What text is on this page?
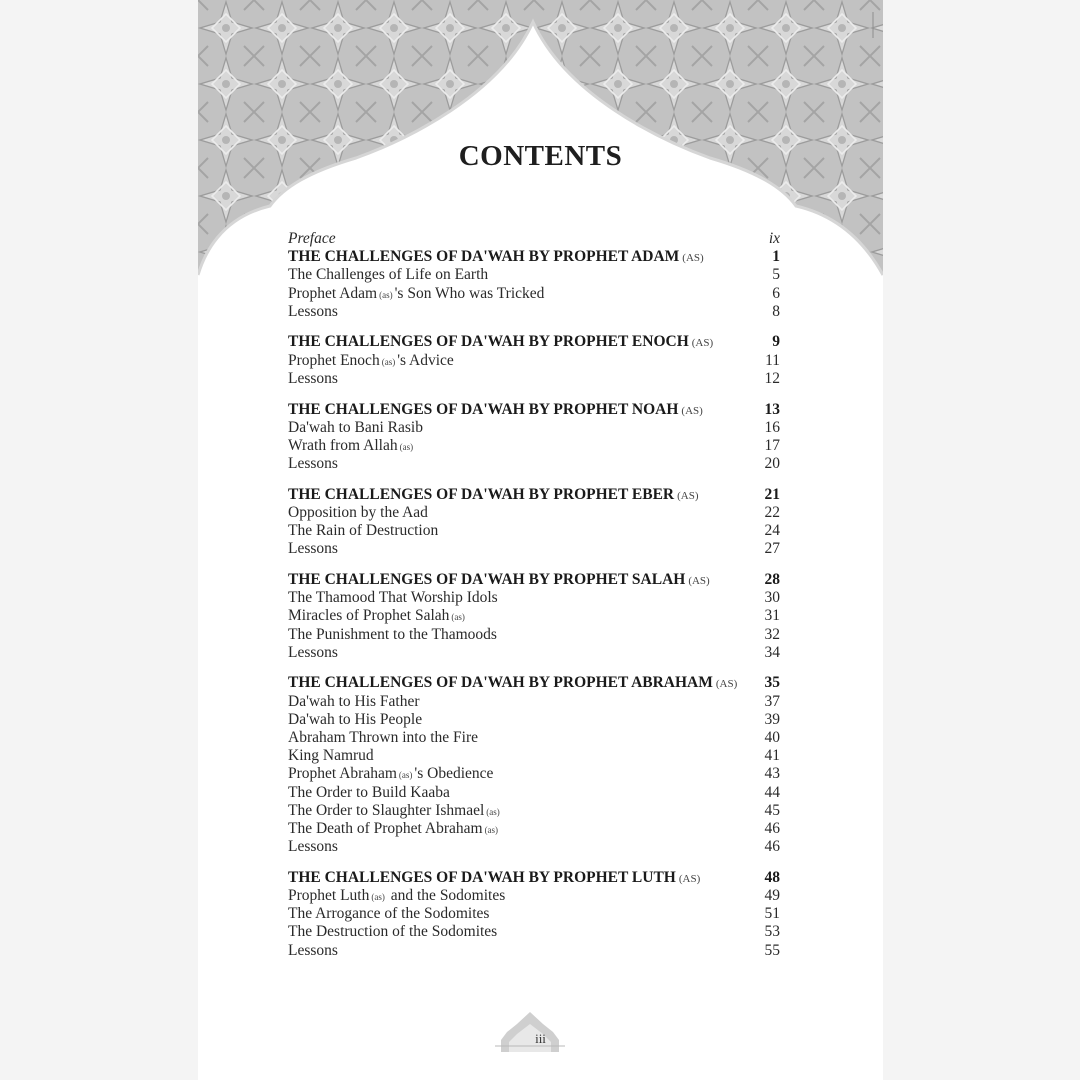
CONTENTS
Preface	ix
THE CHALLENGES OF DA'WAH BY PROPHET ADAM (AS)	1
The Challenges of Life on Earth	5
Prophet Adam (as) 's Son Who was Tricked	6
Lessons	8
THE CHALLENGES OF DA'WAH BY PROPHET ENOCH (AS)	9
Prophet Enoch (as) 's Advice	11
Lessons	12
THE CHALLENGES OF DA'WAH BY PROPHET NOAH (AS)	13
Da'wah to Bani Rasib	16
Wrath from Allah (as)	17
Lessons	20
THE CHALLENGES OF DA'WAH BY PROPHET EBER (AS)	21
Opposition by the Aad	22
The Rain of Destruction	24
Lessons	27
THE CHALLENGES OF DA'WAH BY PROPHET SALAH (AS)	28
The Thamood That Worship Idols	30
Miracles of Prophet Salah (as)	31
The Punishment to the Thamoods	32
Lessons	34
THE CHALLENGES OF DA'WAH BY PROPHET ABRAHAM (AS) 35
Da'wah to His Father	37
Da'wah to His People	39
Abraham Thrown into the Fire	40
King Namrud	41
Prophet Abraham (as) 's Obedience	43
The Order to Build Kaaba	44
The Order to Slaughter Ishmael (as)	45
The Death of Prophet Abraham (as)	46
Lessons	46
THE CHALLENGES OF DA'WAH BY PROPHET LUTH (AS)	48
Prophet Luth (as) and the Sodomites	49
The Arrogance of the Sodomites	51
The Destruction of the Sodomites	53
Lessons	55
iii
